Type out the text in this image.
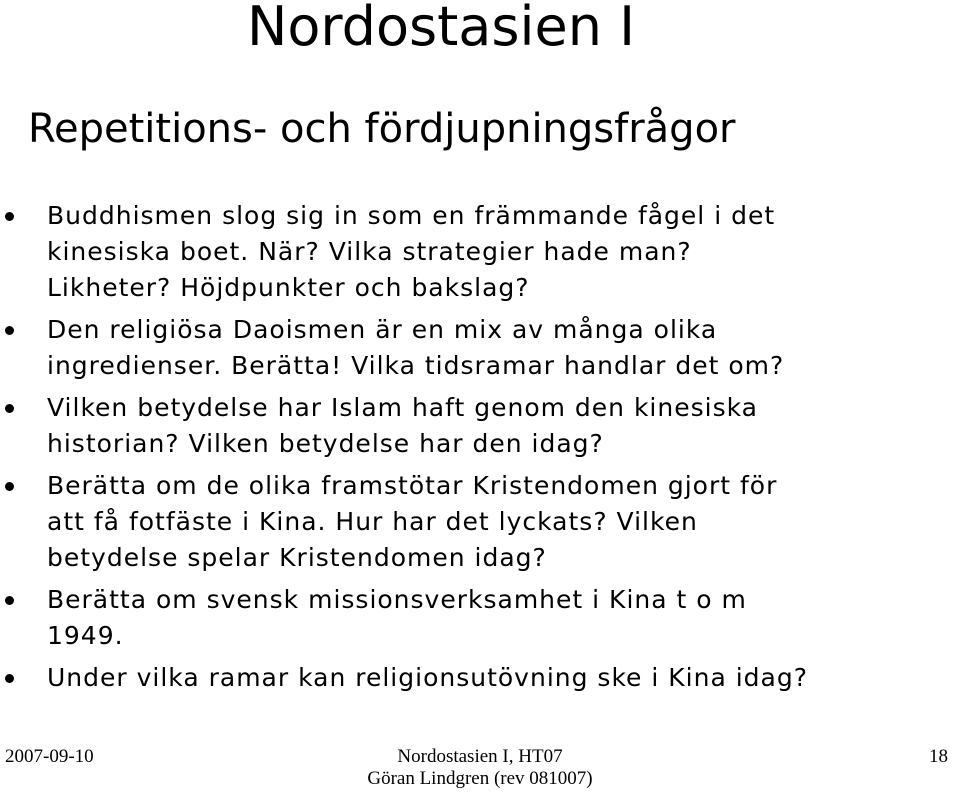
Nordostasien I
Repetitions- och fördjupningsfrågor
Buddhismen slog sig in som en främmande fågel i det
kinesiska boet. När? Vilka strategier hade man?
Likheter? Höjdpunkter och bakslag?
Den religiösa Daoismen är en mix av många olika
ingredienser. Berätta! Vilka tidsramar handlar det om?
Vilken betydelse har Islam haft genom den kinesiska
historian? Vilken betydelse har den idag?
Berätta om de olika framstötar Kristendomen gjort för
att få fotfäste i Kina. Hur har det lyckats? Vilken
betydelse spelar Kristendomen idag?
Berätta om svensk missionsverksamhet i Kina t o m
1949.
Under vilka ramar kan religionsutövning ske i Kina idag?
2007-09-10	Nordostasien I, HT07
Göran Lindgren (rev 081007)
18
